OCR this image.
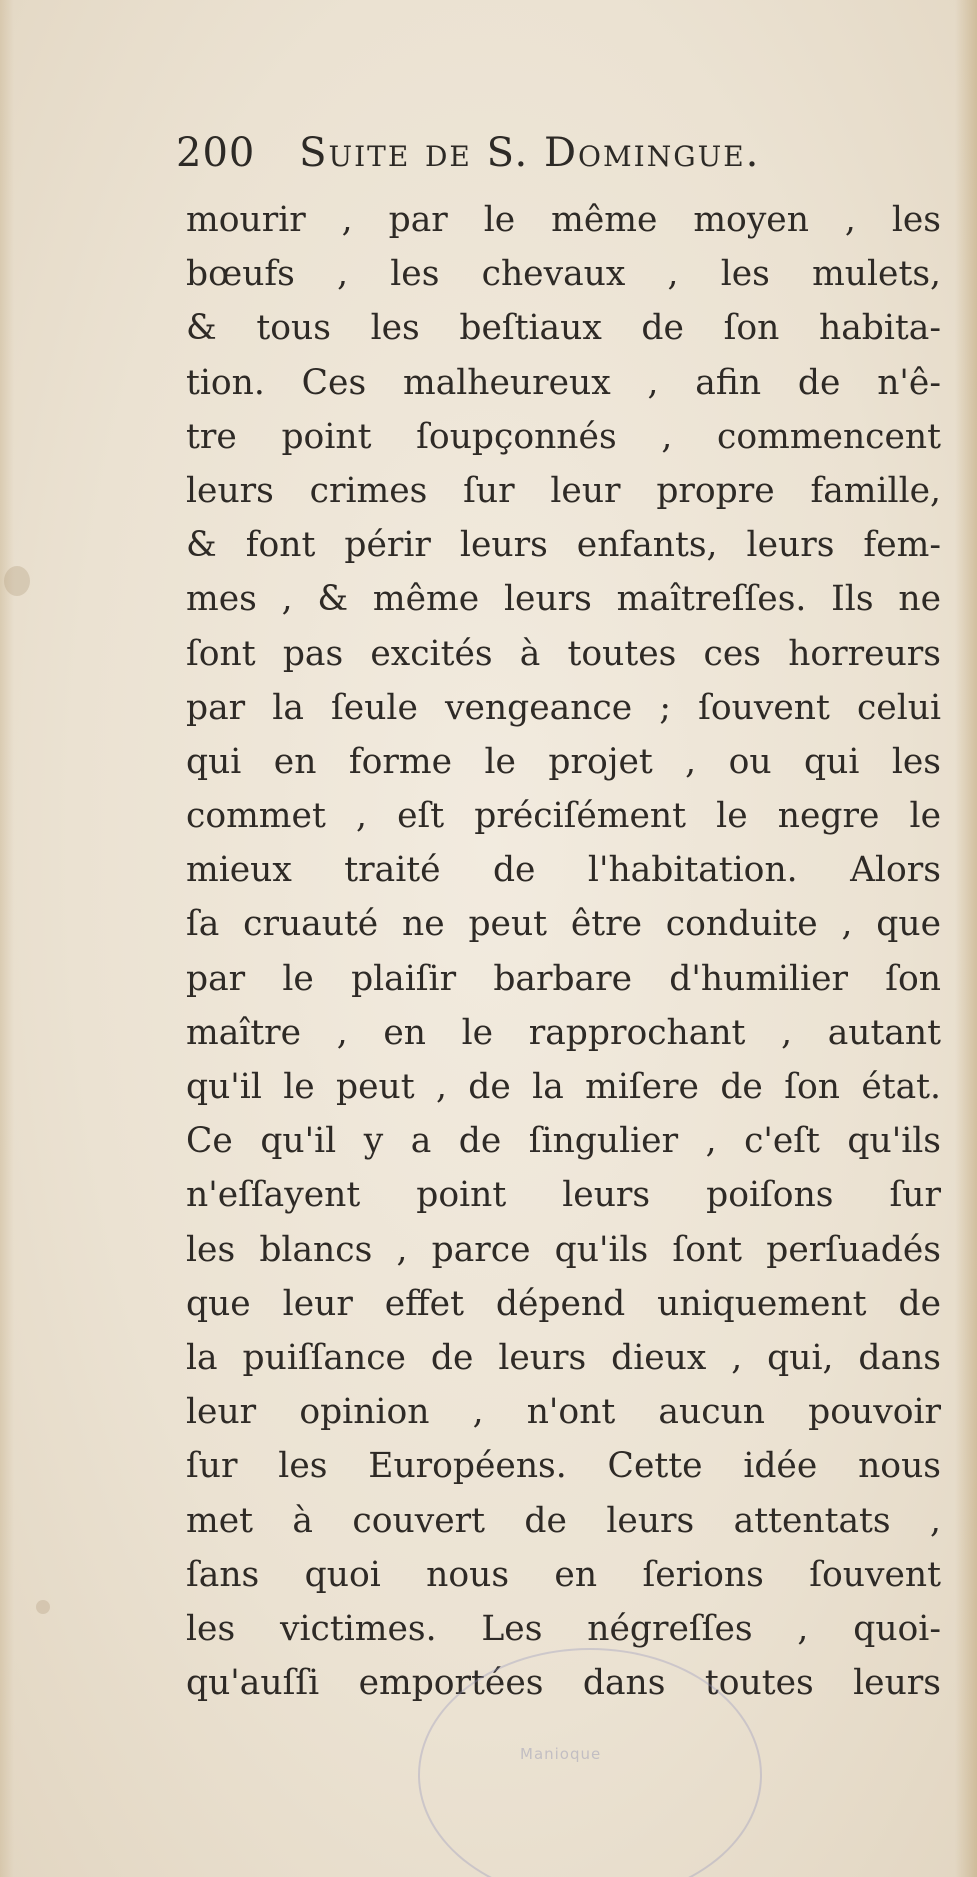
200 Suite de S. Domingue.
mourir , par le même moyen , les
bœufs , les chevaux , les mulets,
& tous les beſtiaux de ſon habita-
tion. Ces malheureux , afin de n'ê-
tre point ſoupçonnés , commencent
leurs crimes ſur leur propre famille,
& font périr leurs enfants, leurs fem-
mes , & même leurs maîtreſſes. Ils ne
ſont pas excités à toutes ces horreurs
par la ſeule vengeance ; ſouvent celui
qui en forme le projet , ou qui les
commet , eſt préciſément le negre le
mieux traité de l'habitation. Alors
ſa cruauté ne peut être conduite , que
par le plaiſir barbare d'humilier ſon
maître , en le rapprochant , autant
qu'il le peut , de la miſere de ſon état.
Ce qu'il y a de ſingulier , c'eſt qu'ils
n'eſſayent point leurs poiſons ſur
les blancs , parce qu'ils ſont perſuadés
que leur effet dépend uniquement de
la puiſſance de leurs dieux , qui, dans
leur opinion , n'ont aucun pouvoir
ſur les Européens. Cette idée nous
met à couvert de leurs attentats ,
ſans quoi nous en ſerions ſouvent
les victimes. Les négreſſes , quoi-
qu'auſſi emportées dans toutes leurs
Manioque
